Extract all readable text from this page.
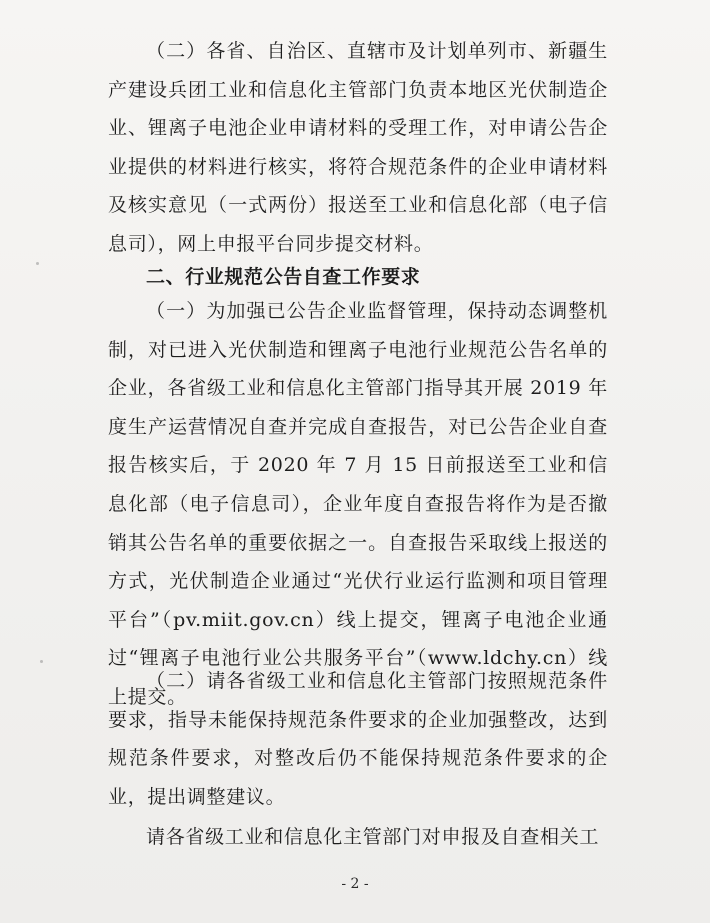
（二）各省、自治区、直辖市及计划单列市、新疆生产建设兵团工业和信息化主管部门负责本地区光伏制造企业、锂离子电池企业申请材料的受理工作，对申请公告企业提供的材料进行核实，将符合规范条件的企业申请材料及核实意见（一式两份）报送至工业和信息化部（电子信息司），网上申报平台同步提交材料。

二、行业规范公告自查工作要求

（一）为加强已公告企业监督管理，保持动态调整机制，对已进入光伏制造和锂离子电池行业规范公告名单的企业，各省级工业和信息化主管部门指导其开展 2019 年度生产运营情况自查并完成自查报告，对已公告企业自查报告核实后，于 2020 年 7 月 15 日前报送至工业和信息化部（电子信息司），企业年度自查报告将作为是否撤销其公告名单的重要依据之一。自查报告采取线上报送的方式，光伏制造企业通过“光伏行业运行监测和项目管理平台”（pv.miit.gov.cn）线上提交，锂离子电池企业通过“锂离子电池行业公共服务平台”（www.ldchy.cn）线上提交。

（二）请各省级工业和信息化主管部门按照规范条件要求，指导未能保持规范条件要求的企业加强整改，达到规范条件要求，对整改后仍不能保持规范条件要求的企业，提出调整建议。

请各省级工业和信息化主管部门对申报及自查相关工

- 2 -
